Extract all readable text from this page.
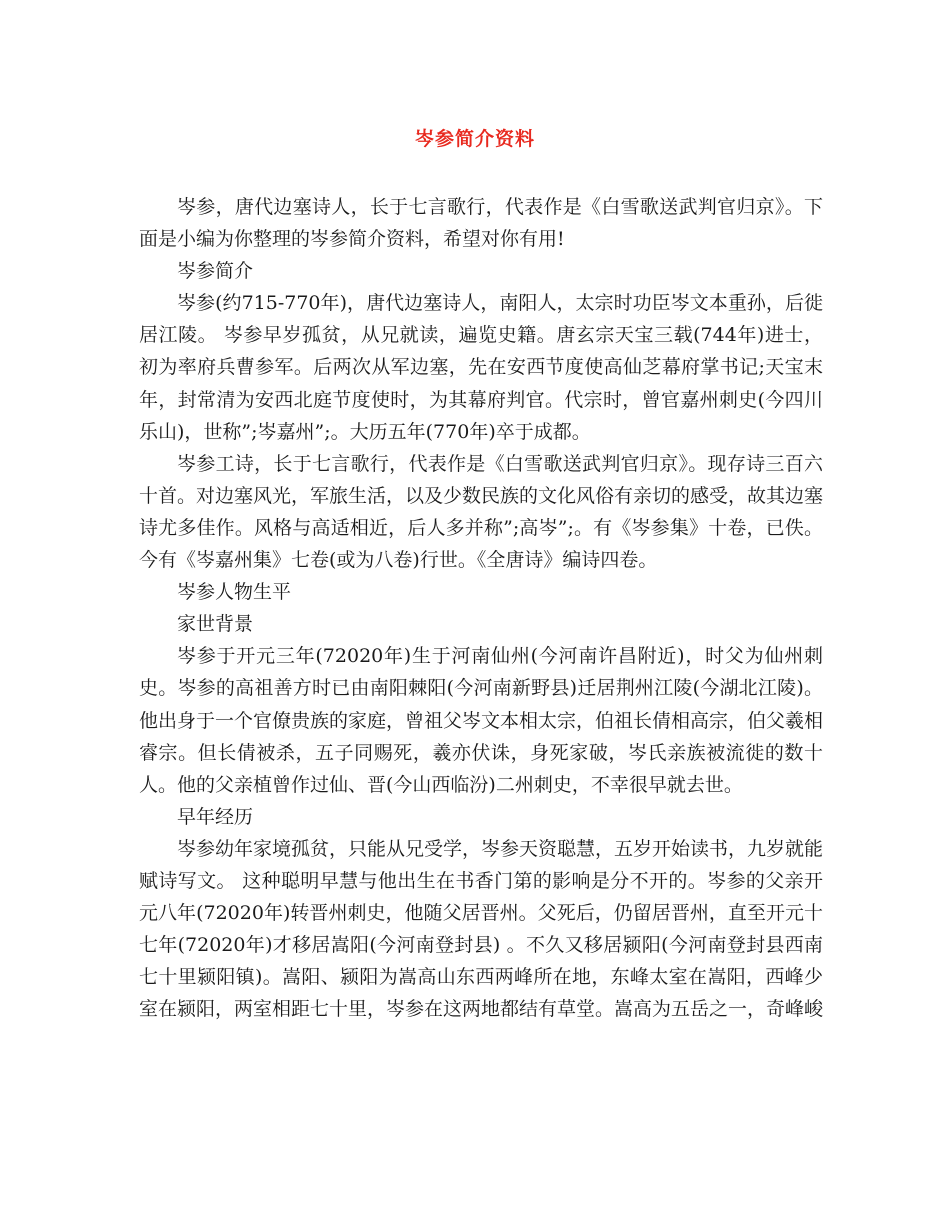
岑参简介资料

岑参，唐代边塞诗人，长于七言歌行，代表作是《白雪歌送武判官归京》。下面是小编为你整理的岑参简介资料，希望对你有用!

岑参简介

岑参(约715-770年)，唐代边塞诗人，南阳人，太宗时功臣岑文本重孙，后徙居江陵。 岑参早岁孤贫，从兄就读，遍览史籍。唐玄宗天宝三载(744年)进士，初为率府兵曹参军。后两次从军边塞，先在安西节度使高仙芝幕府掌书记;天宝末年，封常清为安西北庭节度使时，为其幕府判官。代宗时，曾官嘉州刺史(今四川乐山)，世称”;岑嘉州”;。大历五年(770年)卒于成都。

岑参工诗，长于七言歌行，代表作是《白雪歌送武判官归京》。现存诗三百六十首。对边塞风光，军旅生活，以及少数民族的文化风俗有亲切的感受，故其边塞诗尤多佳作。风格与高适相近，后人多并称”;高岑”;。有《岑参集》十卷，已佚。今有《岑嘉州集》七卷(或为八卷)行世。《全唐诗》编诗四卷。

岑参人物生平
家世背景

岑参于开元三年(72020年)生于河南仙州(今河南许昌附近)，时父为仙州刺史。岑参的高祖善方时已由南阳棘阳(今河南新野县)迁居荆州江陵(今湖北江陵)。他出身于一个官僚贵族的家庭，曾祖父岑文本相太宗，伯祖长倩相高宗，伯父羲相睿宗。但长倩被杀，五子同赐死，羲亦伏诛，身死家破，岑氏亲族被流徙的数十人。他的父亲植曾作过仙、晋(今山西临汾)二州刺史，不幸很早就去世。

早年经历

岑参幼年家境孤贫，只能从兄受学，岑参天资聪慧，五岁开始读书，九岁就能赋诗写文。 这种聪明早慧与他出生在书香门第的影响是分不开的。岑参的父亲开元八年(72020年)转晋州刺史，他随父居晋州。父死后，仍留居晋州，直至开元十七年(72020年)才移居嵩阳(今河南登封县) 。不久又移居颍阳(今河南登封县西南七十里颍阳镇)。嵩阳、颍阳为嵩高山东西两峰所在地，东峰太室在嵩阳，西峰少室在颍阳，两室相距七十里，岑参在这两地都结有草堂。嵩高为五岳之一，奇峰峻
